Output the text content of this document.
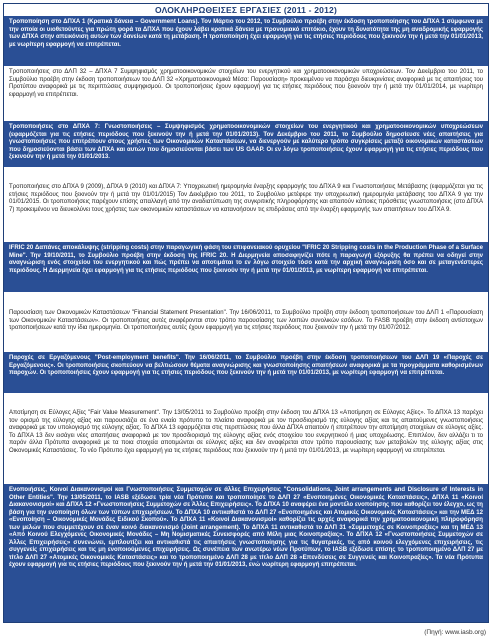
ΟΛΟΚΛΗΡΩΘΕΙΣΕΣ ΕΡΓΑΣΙΕΣ (2011 - 2012)
Τροποποίηση στο ΔΠΧΑ 1 (Κρατικά δάνεια – Government Loans). Τον Μάρτιο του 2012, το Συμβούλιο προέβη στην έκδοση τροποποίησης του ΔΠΧΑ 1 σύμφωνα με την οποία οι υιοθετούντες για πρώτη φορά τα ΔΠΧΑ που έχουν λάβει κρατικά δάνεια με προνομιακό επιτόκιο, έχουν τη δυνατότητα της μη αναδρομικής εφαρμογής των ΔΠΧΑ στην απεικόνιση αυτών των δανείων κατά τη μετάβαση. Η τροποποίηση έχει εφαρμογή για τις ετήσιες περιόδους που ξεκινούν την ή μετά την 01/01/2013, με νωρίτερη εφαρμογή να επιτρέπεται.
Τροποποιήσεις στο ΔΛΠ 32 – ΔΠΧΑ 7 Συμψηφισμός χρηματοοικονομικών στοιχείων του ενεργητικού και χρηματοοικονομικών υποχρεώσεων. Τον Δεκέμβριο του 2011, το Συμβούλιο προέβη στην έκδοση τροποποιήσεων του ΔΛΠ 32 «Χρηματοοικονομικά Μέσα: Παρουσίαση» προκειμένου να παράσχει διευκρινίσεις αναφορικά με τις απαιτήσεις του Προτύπου αναφορικά με τις περιπτώσεις συμψηφισμού. Οι τροποποιήσεις έχουν εφαρμογή για τις ετήσιες περιόδους που ξεκινούν την ή μετά την 01/01/2014, με νωρίτερη εφαρμογή να επιτρέπεται.
Τροποποιήσεις στο ΔΠΧΑ 7: Γνωστοποιήσεις – Συμψηφισμός χρηματοοικονομικών στοιχείων του ενεργητικού και χρηματοοικονομικών υποχρεώσεων (εφαρμόζεται για τις ετήσιες περιόδους που ξεκινούν την ή μετά την 01/01/2013). Τον Δεκέμβριο του 2011, το Συμβούλιο δημοσίευσε νέες απαιτήσεις για γνωστοποιήσεις που επιτρέπουν στους χρήστες των Οικονομικών Καταστάσεων, να διενεργούν με καλύτερο τρόπο συγκρίσεις μεταξύ οικονομικών καταστάσεων που δημοσιεύονται βάσει των ΔΠΧΑ και αυτών που δημοσιεύονται βάσει των US GAAP. Οι εν λόγω τροποποιήσεις έχουν εφαρμογή για τις ετήσιες περιόδους που ξεκινούν την ή μετά την 01/01/2013.
Τροποποιήσεις στο ΔΠΧΑ 9 (2009), ΔΠΧΑ 9 (2010) και ΔΠΧΑ 7: Υποχρεωτική ημερομηνία έναρξης εφαρμογής του ΔΠΧΑ 9 και Γνωστοποιήσεις Μετάβασης (εφαρμόζεται για τις ετήσιες περιόδους που ξεκινούν την ή μετά την 01/01/2015) Τον Δεκέμβριο του 2011, το Συμβούλιο μετέφερε την υποχρεωτική ημερομηνία μετάβασης του ΔΠΧΑ 9 για την 01/01/2015. Οι τροποποιήσεις παρέχουν επίσης απαλλαγή από την αναδιατύπωση της συγκριτικής πληροφόρησης και απαιτούν κάποιες πρόσθετες γνωστοποιήσεις (στο ΔΠΧΑ 7) προκειμένου να διευκολύνει τους χρήστες των οικονομικών καταστάσεων να κατανοήσουν τις επιδράσεις από την έναρξη εφαρμογής των απαιτήσεων του ΔΠΧΑ 9.
IFRIC 20 Δαπάνες αποκάλυψης (stripping costs) στην παραγωγική φάση του επιφανειακού ορυχείου "IFRIC 20 Stripping costs in the Production Phase of a Surface Mine". Την 19/10/2011, το Συμβούλιο προέβη στην έκδοση της IFRIC 20. Η Διερμηνεία αποσαφηνίζει πότε η παραγωγή εξόρυξης θα πρέπει να οδηγεί στην αναγνώριση ενός στοιχείου του ενεργητικού και πώς πρέπει να αποτιμάται το εν λόγω στοιχείο τόσο κατά την αρχική αναγνώριση όσο και σε μεταγενέστερες περιόδους. Η Διερμηνεία έχει εφαρμογή για τις ετήσιες περιόδους που ξεκινούν την ή μετά την 01/01/2013, με νωρίτερη εφαρμογή να επιτρέπεται.
Παρουσίαση των Οικονομικών Καταστάσεων "Financial Statement Presentation". Την 16/06/2011, το Συμβούλιο προέβη στην έκδοση τροποποιήσεων του ΔΛΠ 1 «Παρουσίαση των Οικονομικών Καταστάσεων». Οι τροποποιήσεις αυτές αναφέρονται στον τρόπο παρουσίασης των λοιπών συνολικών εσόδων. Το FASB προέβη στην έκδοση αντίστοιχων τροποποιήσεων κατά την ίδια ημερομηνία. Οι τροποποιήσεις αυτές έχουν εφαρμογή για τις ετήσιες περιόδους που ξεκινούν την ή μετά την 01/07/2012.
Παροχές σε Εργαζόμενους "Post-employment benefits". Την 16/06/2011, το Συμβούλιο προέβη στην έκδοση τροποποιήσεων του ΔΛΠ 19 «Παροχές σε Εργαζόμενους». Οι τροποποιήσεις σκοπεύουν να βελτιώσουν θέματα αναγνώρισης και γνωστοποίησης απαιτήσεων αναφορικά με τα προγράμματα καθορισμένων παροχών. Οι τροποποιήσεις έχουν εφαρμογή για τις ετήσιες περιόδους που ξεκινούν την ή μετά την 01/01/2013, με νωρίτερη εφαρμογή να επιτρέπεται.
Αποτίμηση σε Εύλογες Αξίες "Fair Value Measurement". Την 13/05/2011 το Συμβούλιο προέβη στην έκδοση του ΔΠΧΑ 13 «Αποτίμηση σε Εύλογες Αξίες». Το ΔΠΧΑ 13 παρέχει τον ορισμό της εύλογης αξίας και παρουσιάζει σε ένα ενιαίο πρότυπο το πλαίσιο αναφορικά με τον προσδιορισμό της εύλογης αξίας και τις απαιτούμενες γνωστοποιήσεις αναφορικά με τον υπολογισμό της εύλογης αξίας. Το ΔΠΧΑ 13 εφαρμόζεται στις περιπτώσεις που άλλα ΔΠΧΑ απαιτούν ή επιτρέπουν την αποτίμηση στοιχείων σε εύλογες αξίες. Το ΔΠΧΑ 13 δεν εισάγει νέες απαιτήσεις αναφορικά με τον προσδιορισμό της εύλογης αξίας ενός στοιχείου του ενεργητικού ή μιας υποχρέωσης. Επιπλέον, δεν αλλάζει τι το παρόν άλλα Πρότυπα αναφορικά με τα ποια στοιχεία αποτιμώνται σε εύλογες αξίες και δεν αναφέρεται στον τρόπο παρουσίασης των μεταβολών της εύλογης αξίας στις Οικονομικές Καταστάσεις. Το νέο Πρότυπο έχει εφαρμογή για τις ετήσιες περιόδους που ξεκινούν την ή μετά την 01/01/2013, με νωρίτερη εφαρμογή να επιτρέπεται.
Ενοποιήσεις, Κοινοί Διακανονισμοί και Γνωστοποιήσεις Συμμετοχών σε άλλες Επιχειρήσεις "Consolidations, Joint arrangements and Disclosure of Interests in Other Entities". Την 13/05/2011, το IASB εξέδωσε τρία νέα Πρότυπα και τροποποίησε το ΔΛΠ 27 «Ενοποιημένες Οικονομικές Καταστάσεις», ΔΠΧΑ 11 «Κοινοί Διακανονισμοί» και ΔΠΧΑ 12 «Γνωστοποιήσεις Συμμετοχών σε Άλλες Επιχειρήσεις». Το ΔΠΧΑ 10 αναφέρει ένα μοντέλο ενοποίησης που καθορίζει τον έλεγχο, ως τη βάση για την ενοποίηση όλων των τύπων επιχειρήσεων. Το ΔΠΧΑ 10 αντικαθιστά το ΔΛΠ 27 «Ενοποιημένες και Ατομικές Οικονομικές Καταστάσεις» και την ΜΕΔ 12 «Ενοποίηση – Οικονομικές Μονάδες Ειδικού Σκοπού». Το ΔΠΧΑ 11 «Κοινοί Διακανονισμοί» καθορίζει τις αρχές αναφορικά την χρηματοοικονομική πληροφόρηση των μελών που συμμετέχουν σε έναν κοινό διακανονισμό (Joint arrangement). Το ΔΠΧΑ 11 αντικαθιστά το ΔΛΠ 31 «Συμμετοχές σε Κοινοπραξίες» και τη ΜΕΔ 13 «Από Κοινού Ελεγχόμενες Οικονομικές Μονάδες – Μη Νομισματικές Συνεισφορές από Μέλη μιας Κοινοπραξίας». Το ΔΠΧΑ 12 «Γνωστοποιήσεις Συμμετοχών σε Άλλες Επιχειρήσεις» συνενώνει, εμπλουτίζει και αντικαθιστά τις απαιτήσεις γνωστοποίησης για τις θυγατρικές, τις από κοινού ελεγχόμενες επιχειρήσεις, τις συγγενείς επιχειρήσεις και τις μη ενοποιούμενες επιχειρήσεις. Ως συνέπεια των ανωτέρω νέων Προτύπων, το IASB εξέδωσε επίσης το τροποποιημένο ΔΛΠ 27 με τίτλο ΔΛΠ 27 «Ατομικές Οικονομικές Καταστάσεις» και το τροποποιημένο ΔΛΠ 28 με τίτλο ΔΛΠ 28 «Επενδύσεις σε Συγγενείς και Κοινοπραξίες». Τα νέα Πρότυπα έχουν εφαρμογή για τις ετήσιες περιόδους που ξεκινούν την ή μετά την 01/01/2013, ενώ νωρίτερη εφαρμογή επιτρέπεται.
(Πηγή: www.iasb.org)
